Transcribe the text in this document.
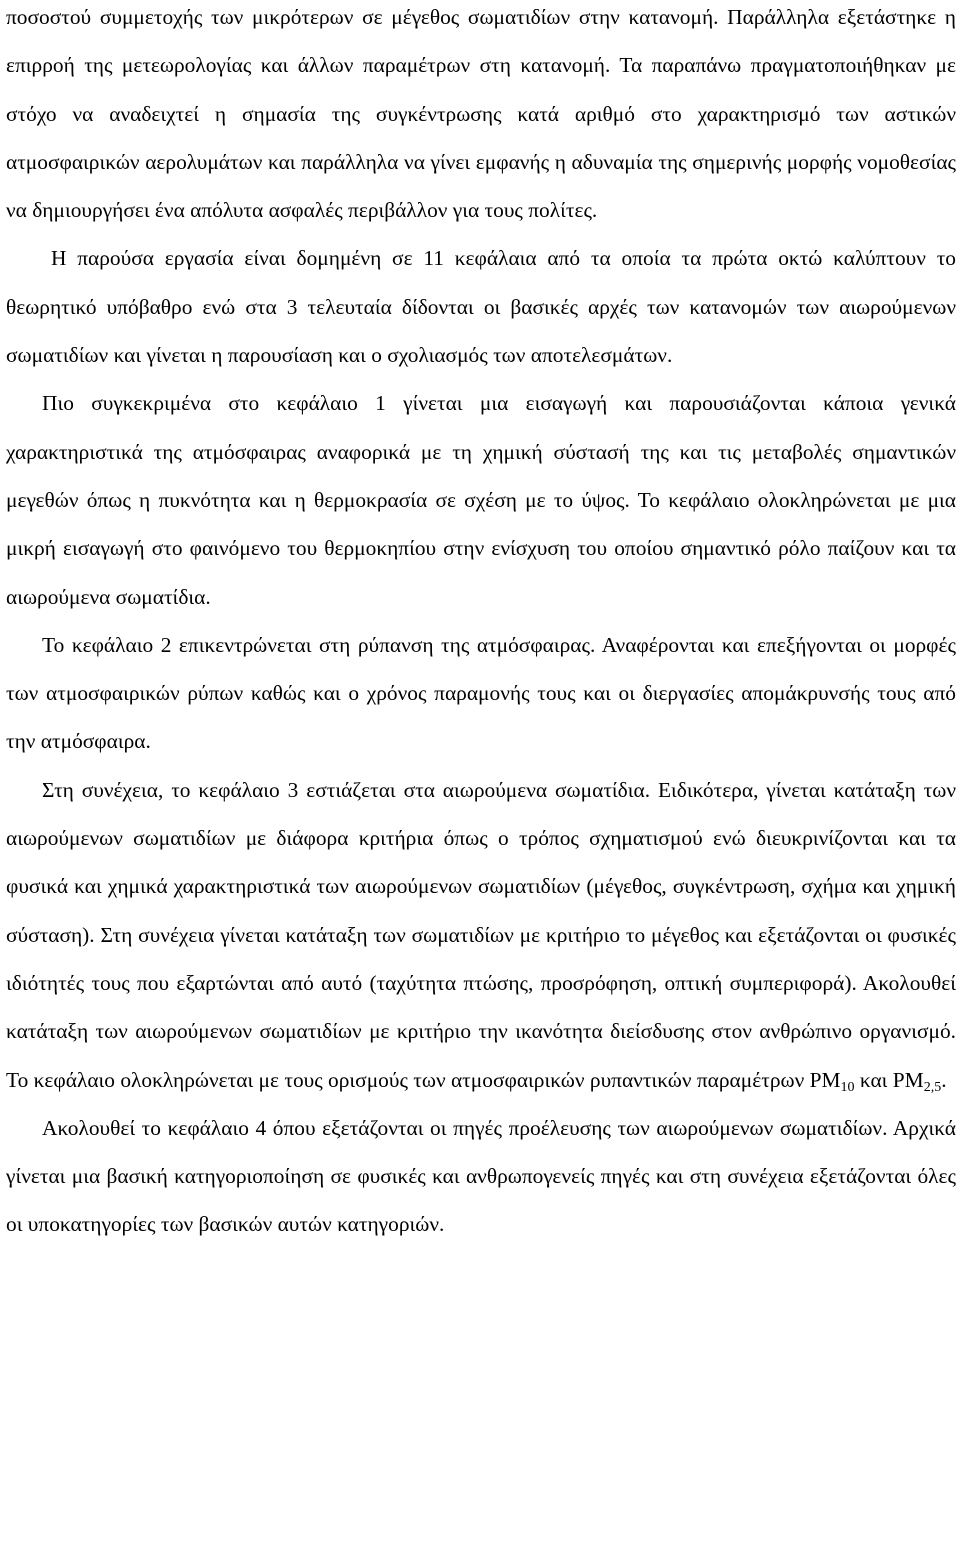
ποσοστού συμμετοχής των μικρότερων σε μέγεθος σωματιδίων στην κατανομή. Παράλληλα εξετάστηκε η επιρροή της μετεωρολογίας και άλλων παραμέτρων στη κατανομή. Τα παραπάνω πραγματοποιήθηκαν με στόχο να αναδειχτεί η σημασία της συγκέντρωσης κατά αριθμό στο χαρακτηρισμό των αστικών ατμοσφαιρικών αερολυμάτων και παράλληλα να γίνει εμφανής η αδυναμία της σημερινής μορφής νομοθεσίας να δημιουργήσει ένα απόλυτα ασφαλές περιβάλλον για τους πολίτες.

Η παρούσα εργασία είναι δομημένη σε 11 κεφάλαια από τα οποία τα πρώτα οκτώ καλύπτουν το θεωρητικό υπόβαθρο ενώ στα 3 τελευταία δίδονται οι βασικές αρχές των κατανομών των αιωρούμενων σωματιδίων και γίνεται η παρουσίαση και ο σχολιασμός των αποτελεσμάτων.

Πιο συγκεκριμένα στο κεφάλαιο 1 γίνεται μια εισαγωγή και παρουσιάζονται κάποια γενικά χαρακτηριστικά της ατμόσφαιρας αναφορικά με τη χημική σύστασή της και τις μεταβολές σημαντικών μεγεθών όπως η πυκνότητα και η θερμοκρασία σε σχέση με το ύψος. Το κεφάλαιο ολοκληρώνεται με μια μικρή εισαγωγή στο φαινόμενο του θερμοκηπίου στην ενίσχυση του οποίου σημαντικό ρόλο παίζουν και τα αιωρούμενα σωματίδια.

Το κεφάλαιο 2 επικεντρώνεται στη ρύπανση της ατμόσφαιρας. Αναφέρονται και επεξήγονται οι μορφές των ατμοσφαιρικών ρύπων καθώς και ο χρόνος παραμονής τους και οι διεργασίες απομάκρυνσής τους από την ατμόσφαιρα.

Στη συνέχεια, το κεφάλαιο 3 εστιάζεται στα αιωρούμενα σωματίδια. Ειδικότερα, γίνεται κατάταξη των αιωρούμενων σωματιδίων με διάφορα κριτήρια όπως ο τρόπος σχηματισμού ενώ διευκρινίζονται και τα φυσικά και χημικά χαρακτηριστικά των αιωρούμενων σωματιδίων (μέγεθος, συγκέντρωση, σχήμα και χημική σύσταση). Στη συνέχεια γίνεται κατάταξη των σωματιδίων με κριτήριο το μέγεθος και εξετάζονται οι φυσικές ιδιότητές τους που εξαρτώνται από αυτό (ταχύτητα πτώσης, προσρόφηση, οπτική συμπεριφορά). Ακολουθεί κατάταξη των αιωρούμενων σωματιδίων με κριτήριο την ικανότητα διείσδυσης στον ανθρώπινο οργανισμό. Το κεφάλαιο ολοκληρώνεται με τους ορισμούς των ατμοσφαιρικών ρυπαντικών παραμέτρων $PM_{10}$ και $PM_{2,5}$.

Ακολουθεί το κεφάλαιο 4 όπου εξετάζονται οι πηγές προέλευσης των αιωρούμενων σωματιδίων. Αρχικά γίνεται μια βασική κατηγοριοποίηση σε φυσικές και ανθρωπογενείς πηγές και στη συνέχεια εξετάζονται όλες οι υποκατηγορίες των βασικών αυτών κατηγοριών.
